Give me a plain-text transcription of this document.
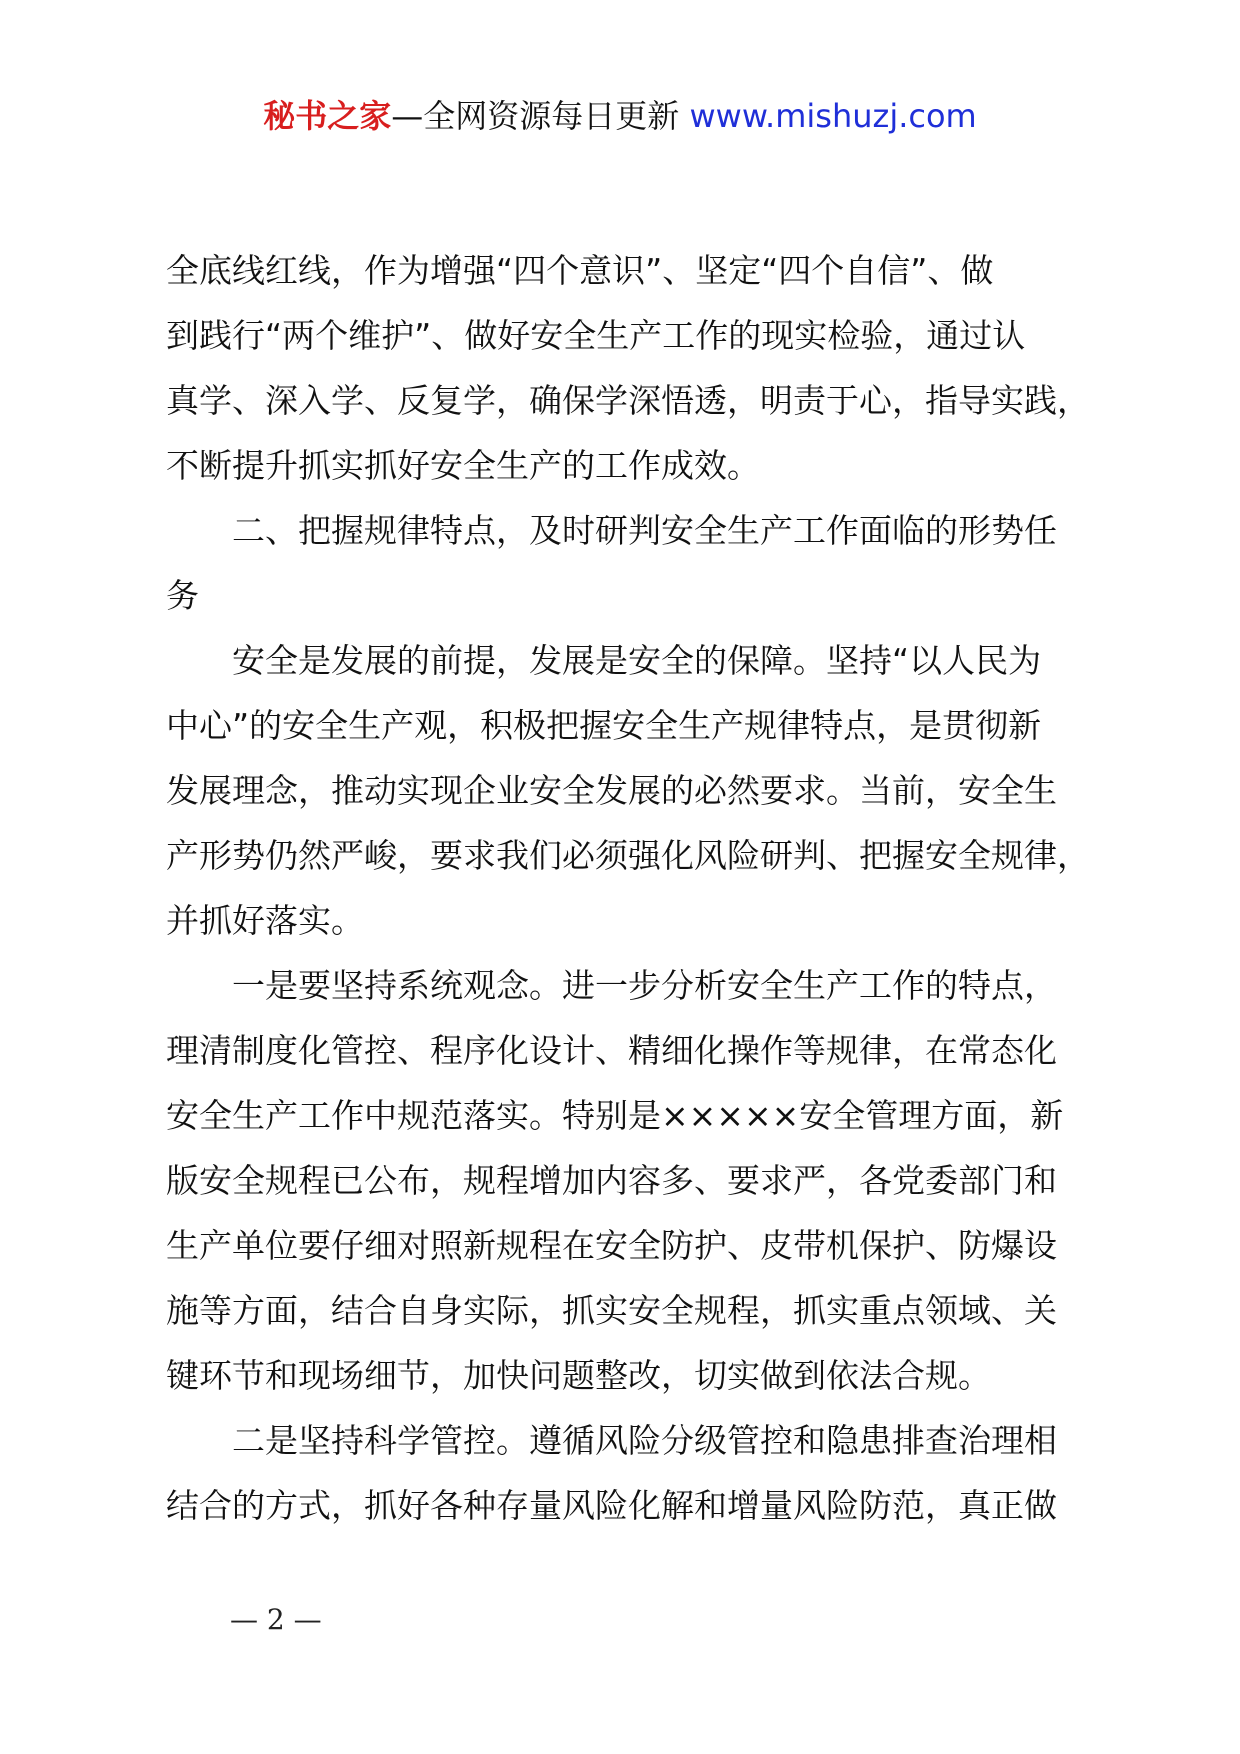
秘书之家—全网资源每日更新 www.mishuzj.com
全底线红线，作为增强“四个意识”、坚定“四个自信”、做
到践行“两个维护”、做好安全生产工作的现实检验，通过认
真学、深入学、反复学，确保学深悟透，明责于心，指导实践，
不断提升抓实抓好安全生产的工作成效。
二、把握规律特点，及时研判安全生产工作面临的形势任
务
安全是发展的前提，发展是安全的保障。坚持“以人民为
中心”的安全生产观，积极把握安全生产规律特点，是贯彻新
发展理念，推动实现企业安全发展的必然要求。当前，安全生
产形势仍然严峻，要求我们必须强化风险研判、把握安全规律，
并抓好落实。
一是要坚持系统观念。进一步分析安全生产工作的特点，
理清制度化管控、程序化设计、精细化操作等规律，在常态化
安全生产工作中规范落实。特别是×××××安全管理方面，新
版安全规程已公布，规程增加内容多、要求严，各党委部门和
生产单位要仔细对照新规程在安全防护、皮带机保护、防爆设
施等方面，结合自身实际，抓实安全规程，抓实重点领域、关
键环节和现场细节，加快问题整改，切实做到依法合规。
二是坚持科学管控。遵循风险分级管控和隐患排查治理相
结合的方式，抓好各种存量风险化解和增量风险防范，真正做
— 2 —
